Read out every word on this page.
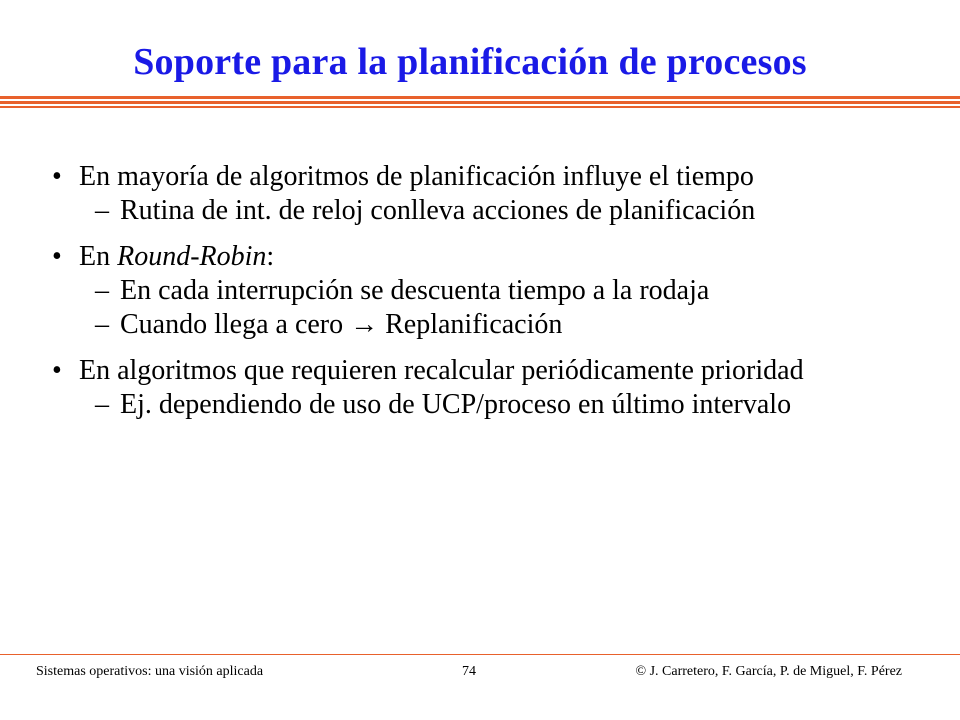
Soporte para la planificación de procesos
• En mayoría de algoritmos de planificación influye el tiempo
– Rutina de int. de reloj conlleva acciones de planificación
• En Round-Robin:
– En cada interrupción se descuenta tiempo a la rodaja
– Cuando llega a cero → Replanificación
• En algoritmos que requieren recalcular periódicamente prioridad
– Ej. dependiendo de uso de UCP/proceso en último intervalo
Sistemas operativos: una visión aplicada	74	© J. Carretero, F. García, P. de Miguel, F. Pérez
